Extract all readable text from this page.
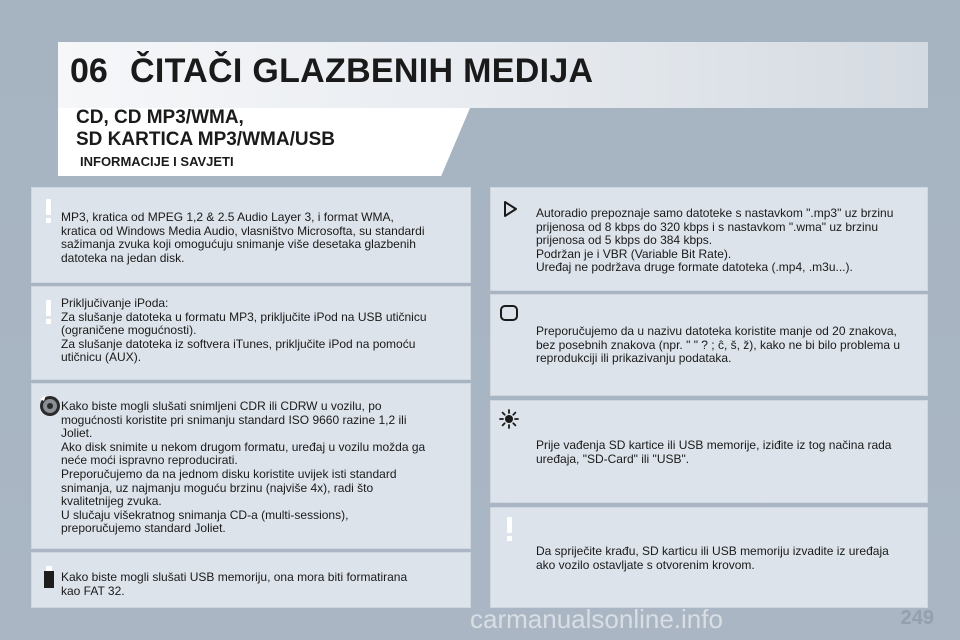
06 ČITAČI GLAZBENIH MEDIJA
CD, CD MP3/WMA,
SD KARTICA MP3/WMA/USB
INFORMACIJE I SAVJETI
MP3, kratica od MPEG 1,2 & 2.5 Audio Layer 3, i format WMA,
kratica od Windows Media Audio, vlasništvo Microsofta, su standardi
sažimanja zvuka koji omogućuju snimanje više desetaka glazbenih
datoteka na jedan disk.
Priključivanje iPoda:
Za slušanje datoteka u formatu MP3, priključite iPod na USB utičnicu
(ograničene mogućnosti).
Za slušanje datoteka iz softvera iTunes, priključite iPod na pomoću
utičnicu (AUX).
Kako biste mogli slušati snimljeni CDR ili CDRW u vozilu, po
mogućnosti koristite pri snimanju standard ISO 9660 razine 1,2 ili
Joliet.
Ako disk snimite u nekom drugom formatu, uređaj u vozilu možda ga
neće moći ispravno reproducirati.
Preporučujemo da na jednom disku koristite uvijek isti standard
snimanja, uz najmanju moguću brzinu (najviše 4x), radi što
kvalitetnijeg zvuka.
U slučaju višekratnog snimanja CD-a (multi-sessions),
preporučujemo standard Joliet.
Kako biste mogli slušati USB memoriju, ona mora biti formatirana
kao FAT 32.
Autoradio prepoznaje samo datoteke s nastavkom ".mp3" uz brzinu
prijenosa od 8 kbps do 320 kbps i s nastavkom ".wma" uz brzinu
prijenosa od 5 kbps do 384 kbps.
Podržan je i VBR (Variable Bit Rate).
Uređaj ne podržava druge formate datoteka (.mp4, .m3u...).
Preporučujemo da u nazivu datoteka koristite manje od 20 znakova,
bez posebnih znakova (npr. " " ? ; ĉ, š, ž), kako ne bi bilo problema u
reprodukciji ili prikazivanju podataka.
Prije vađenja SD kartice ili USB memorije, iziđite iz tog načina rada
uređaja, "SD-Card" ili "USB".
Da spriječite krađu, SD karticu ili USB memoriju izvadite iz uređaja
ako vozilo ostavljate s otvorenim krovom.
249
carmanualsonline.info
